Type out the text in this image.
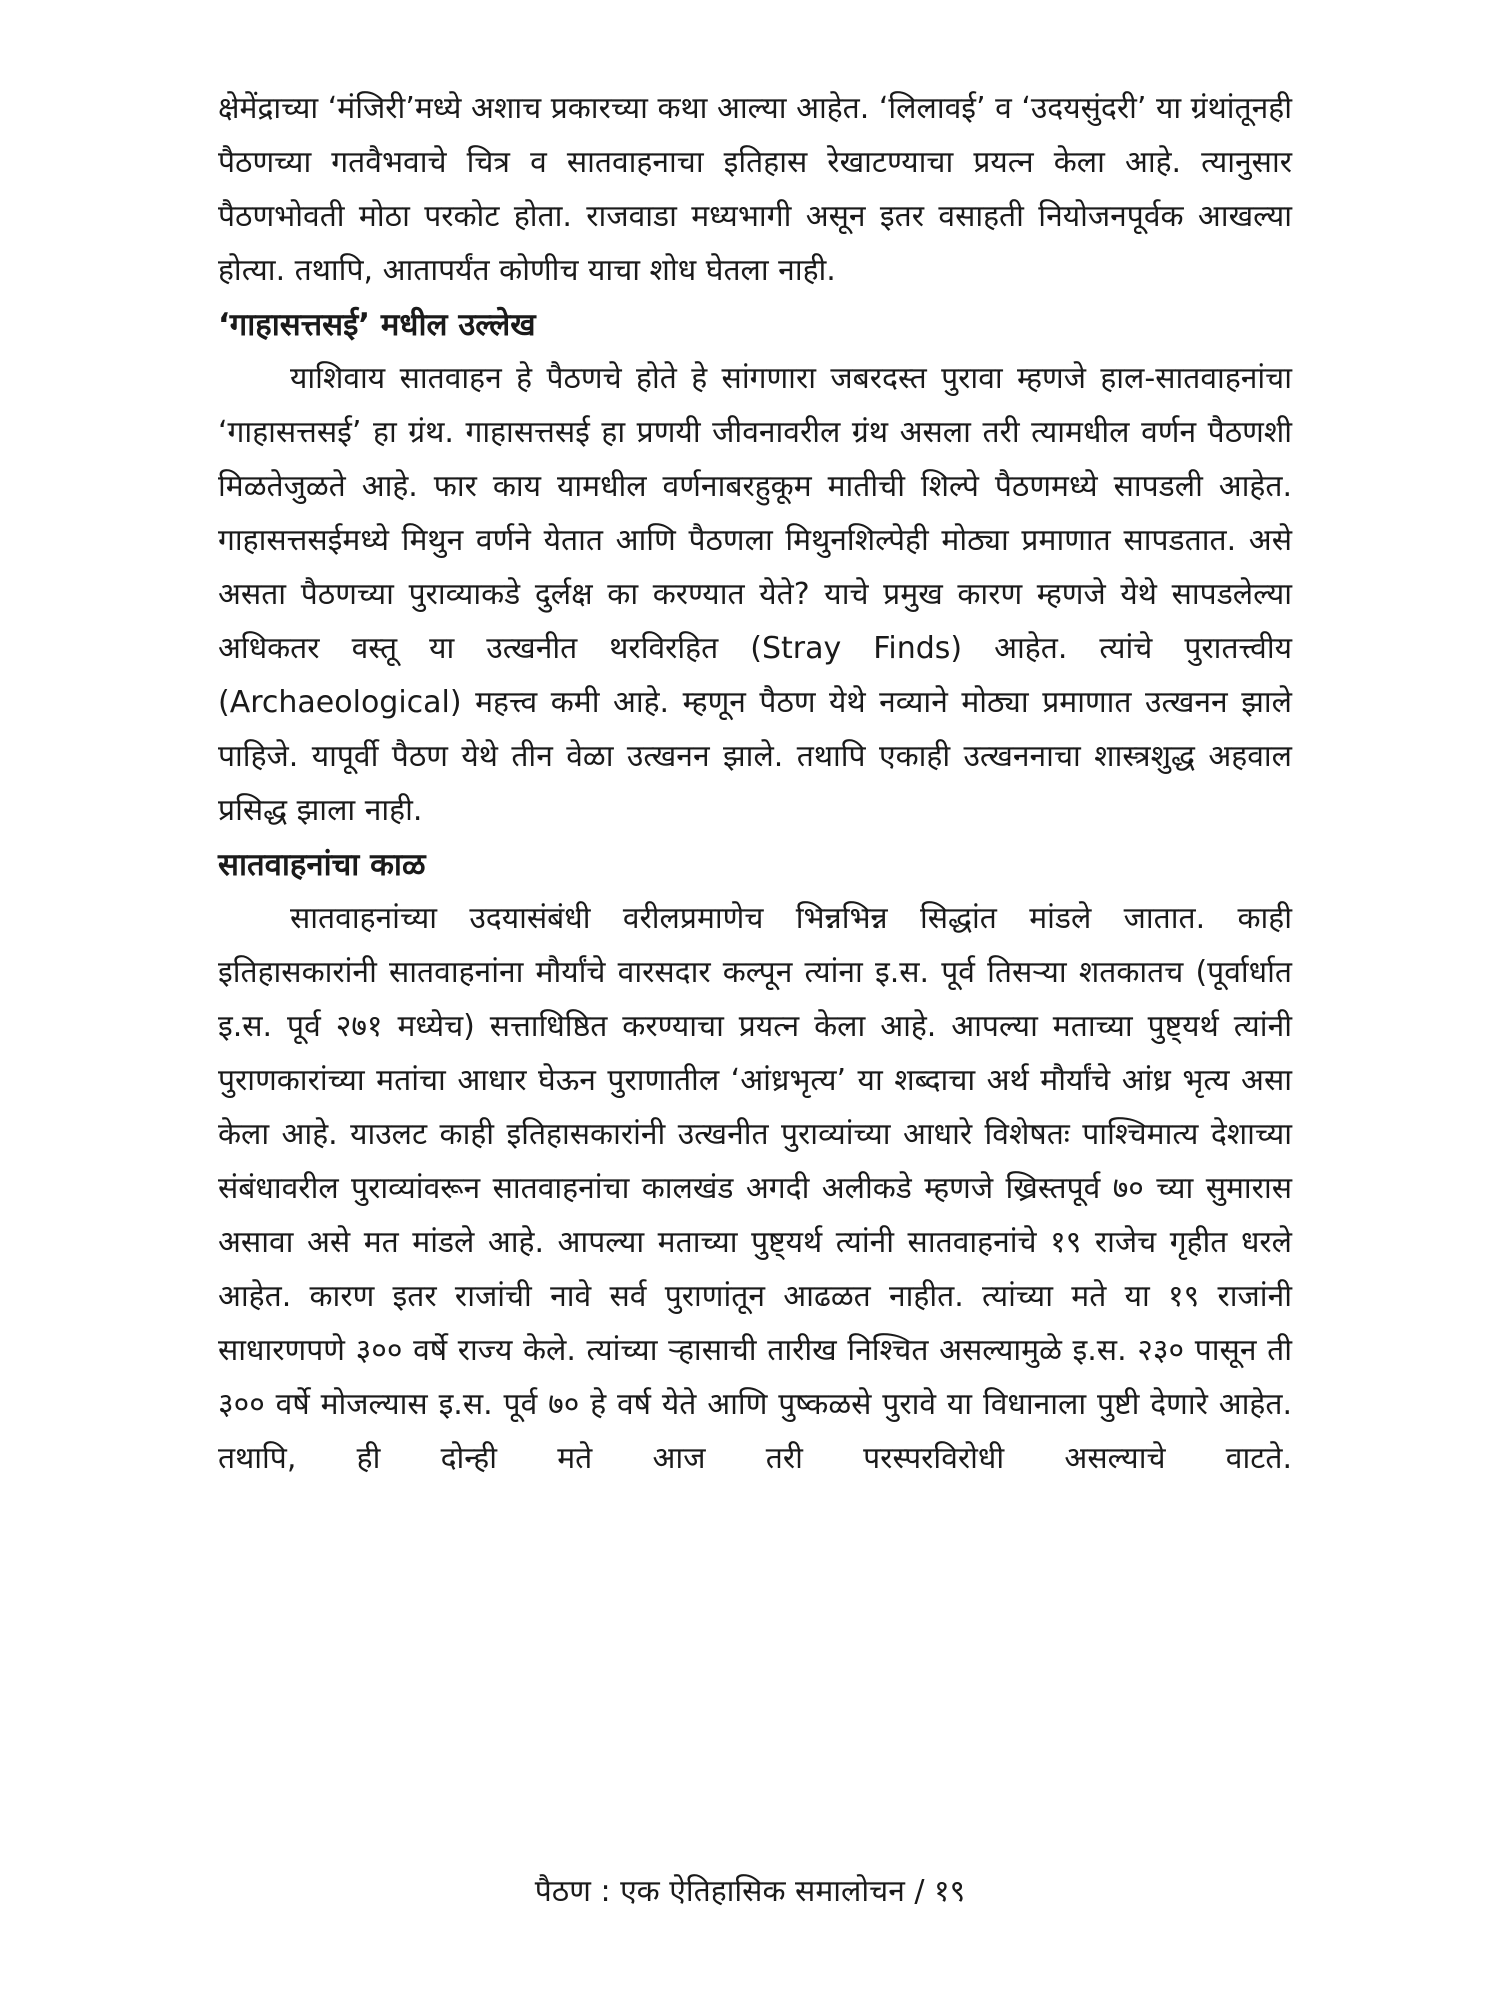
क्षेमेंद्राच्या ‘मंजिरी’मध्ये अशाच प्रकारच्या कथा आल्या आहेत. ‘लिलावई’ व ‘उदयसुंदरी’ या ग्रंथांतूनही पैठणच्या गतवैभवाचे चित्र व सातवाहनाचा इतिहास रेखाटण्याचा प्रयत्न केला आहे. त्यानुसार पैठणभोवती मोठा परकोट होता. राजवाडा मध्यभागी असून इतर वसाहती नियोजनपूर्वक आखल्या होत्या. तथापि, आतापर्यंत कोणीच याचा शोध घेतला नाही.

‘गाहासत्तसई’ मधील उल्लेख

याशिवाय सातवाहन हे पैठणचे होते हे सांगणारा जबरदस्त पुरावा म्हणजे हाल-सातवाहनांचा ‘गाहासत्तसई’ हा ग्रंथ. गाहासत्तसई हा प्रणयी जीवनावरील ग्रंथ असला तरी त्यामधील वर्णन पैठणशी मिळतेजुळते आहे. फार काय यामधील वर्णनाबरहुकूम मातीची शिल्पे पैठणमध्ये सापडली आहेत. गाहासत्तसईमध्ये मिथुन वर्णने येतात आणि पैठणला मिथुनशिल्पेही मोठ्या प्रमाणात सापडतात. असे असता पैठणच्या पुराव्याकडे दुर्लक्ष का करण्यात येते? याचे प्रमुख कारण म्हणजे येथे सापडलेल्या अधिकतर वस्तू या उत्खनीत थरविरहित (Stray Finds) आहेत. त्यांचे पुरातत्त्वीय (Archaeological) महत्त्व कमी आहे. म्हणून पैठण येथे नव्याने मोठ्या प्रमाणात उत्खनन झाले पाहिजे. यापूर्वी पैठण येथे तीन वेळा उत्खनन झाले. तथापि एकाही उत्खननाचा शास्त्रशुद्ध अहवाल प्रसिद्ध झाला नाही.

सातवाहनांचा काळ

सातवाहनांच्या उदयासंबंधी वरीलप्रमाणेच भिन्नभिन्न सिद्धांत मांडले जातात. काही इतिहासकारांनी सातवाहनांना मौर्यांचे वारसदार कल्पून त्यांना इ.स. पूर्व तिसऱ्या शतकातच (पूर्वार्धात इ.स. पूर्व २७१ मध्येच) सत्ताधिष्ठित करण्याचा प्रयत्न केला आहे. आपल्या मताच्या पुष्ट्यर्थ त्यांनी पुराणकारांच्या मतांचा आधार घेऊन पुराणातील ‘आंध्रभृत्य’ या शब्दाचा अर्थ मौर्यांचे आंध्र भृत्य असा केला आहे. याउलट काही इतिहासकारांनी उत्खनीत पुराव्यांच्या आधारे विशेषतः पाश्चिमात्य देशाच्या संबंधावरील पुराव्यांवरून सातवाहनांचा कालखंड अगदी अलीकडे म्हणजे ख्रिस्तपूर्व ७० च्या सुमारास असावा असे मत मांडले आहे. आपल्या मताच्या पुष्ट्यर्थ त्यांनी सातवाहनांचे १९ राजेच गृहीत धरले आहेत. कारण इतर राजांची नावे सर्व पुराणांतून आढळत नाहीत. त्यांच्या मते या १९ राजांनी साधारणपणे ३०० वर्षे राज्य केले. त्यांच्या ऱ्हासाची तारीख निश्चित असल्यामुळे इ.स. २३० पासून ती ३०० वर्षे मोजल्यास इ.स. पूर्व ७० हे वर्ष येते आणि पुष्कळसे पुरावे या विधानाला पुष्टी देणारे आहेत. तथापि, ही दोन्ही मते आज तरी परस्परविरोधी असल्याचे वाटते.

पैठण : एक ऐतिहासिक समालोचन / १९
